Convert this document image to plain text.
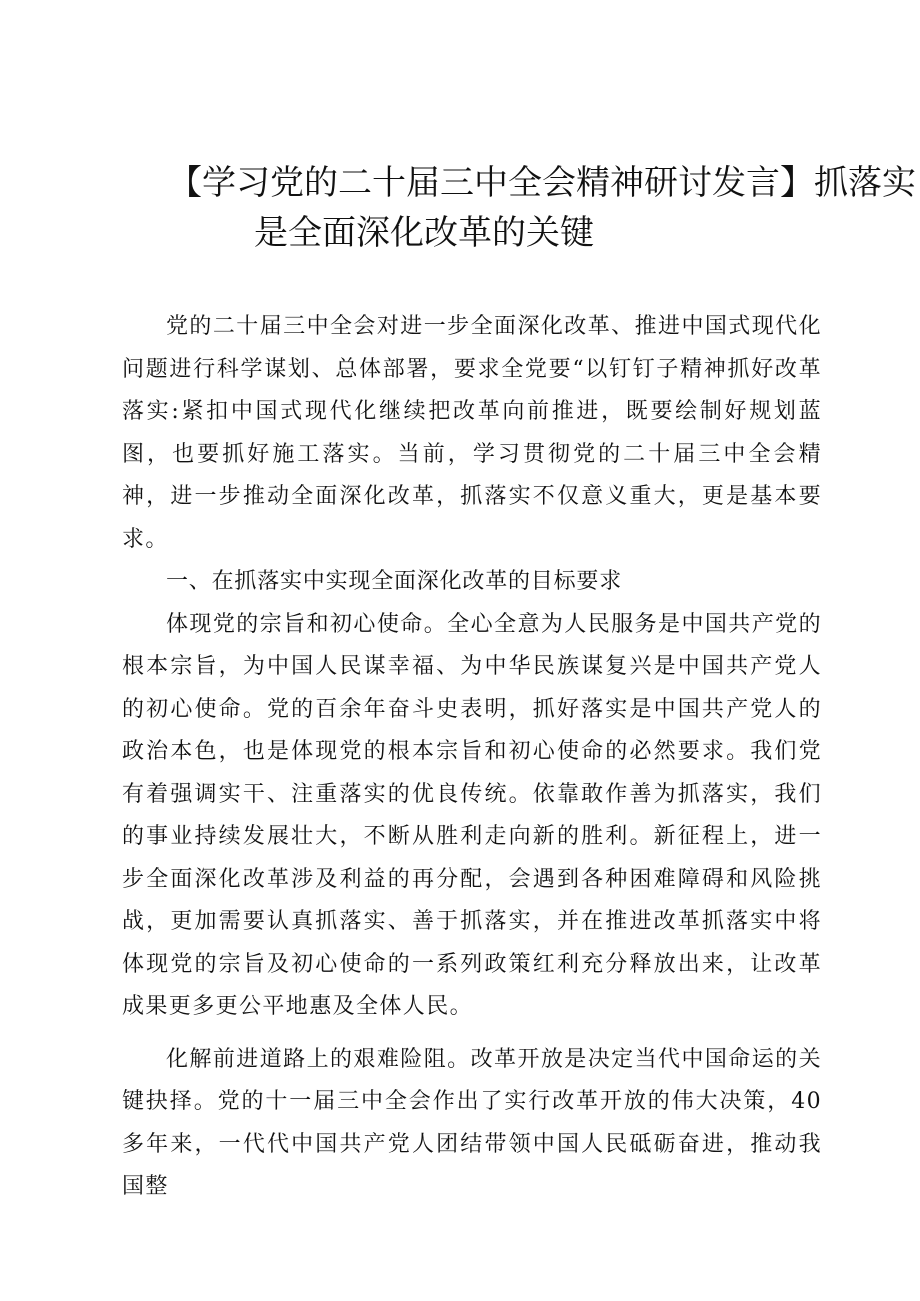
【学习党的二十届三中全会精神研讨发言】抓落实
是全面深化改革的关键

党的二十届三中全会对进一步全面深化改革、推进中国式现代化问题进行科学谋划、总体部署，要求全党要“以钉钉子精神抓好改革落实:紧扣中国式现代化继续把改革向前推进，既要绘制好规划蓝图，也要抓好施工落实。当前，学习贯彻党的二十届三中全会精神，进一步推动全面深化改革，抓落实不仅意义重大，更是基本要求。

一、在抓落实中实现全面深化改革的目标要求

体现党的宗旨和初心使命。全心全意为人民服务是中国共产党的根本宗旨，为中国人民谋幸福、为中华民族谋复兴是中国共产党人的初心使命。党的百余年奋斗史表明，抓好落实是中国共产党人的政治本色，也是体现党的根本宗旨和初心使命的必然要求。我们党有着强调实干、注重落实的优良传统。依靠敢作善为抓落实，我们的事业持续发展壮大，不断从胜利走向新的胜利。新征程上，进一步全面深化改革涉及利益的再分配，会遇到各种困难障碍和风险挑战，更加需要认真抓落实、善于抓落实，并在推进改革抓落实中将体现党的宗旨及初心使命的一系列政策红利充分释放出来，让改革成果更多更公平地惠及全体人民。

化解前进道路上的艰难险阻。改革开放是决定当代中国命运的关键抉择。党的十一届三中全会作出了实行改革开放的伟大决策，40多年来，一代代中国共产党人团结带领中国人民砥砺奋进，推动我国整
